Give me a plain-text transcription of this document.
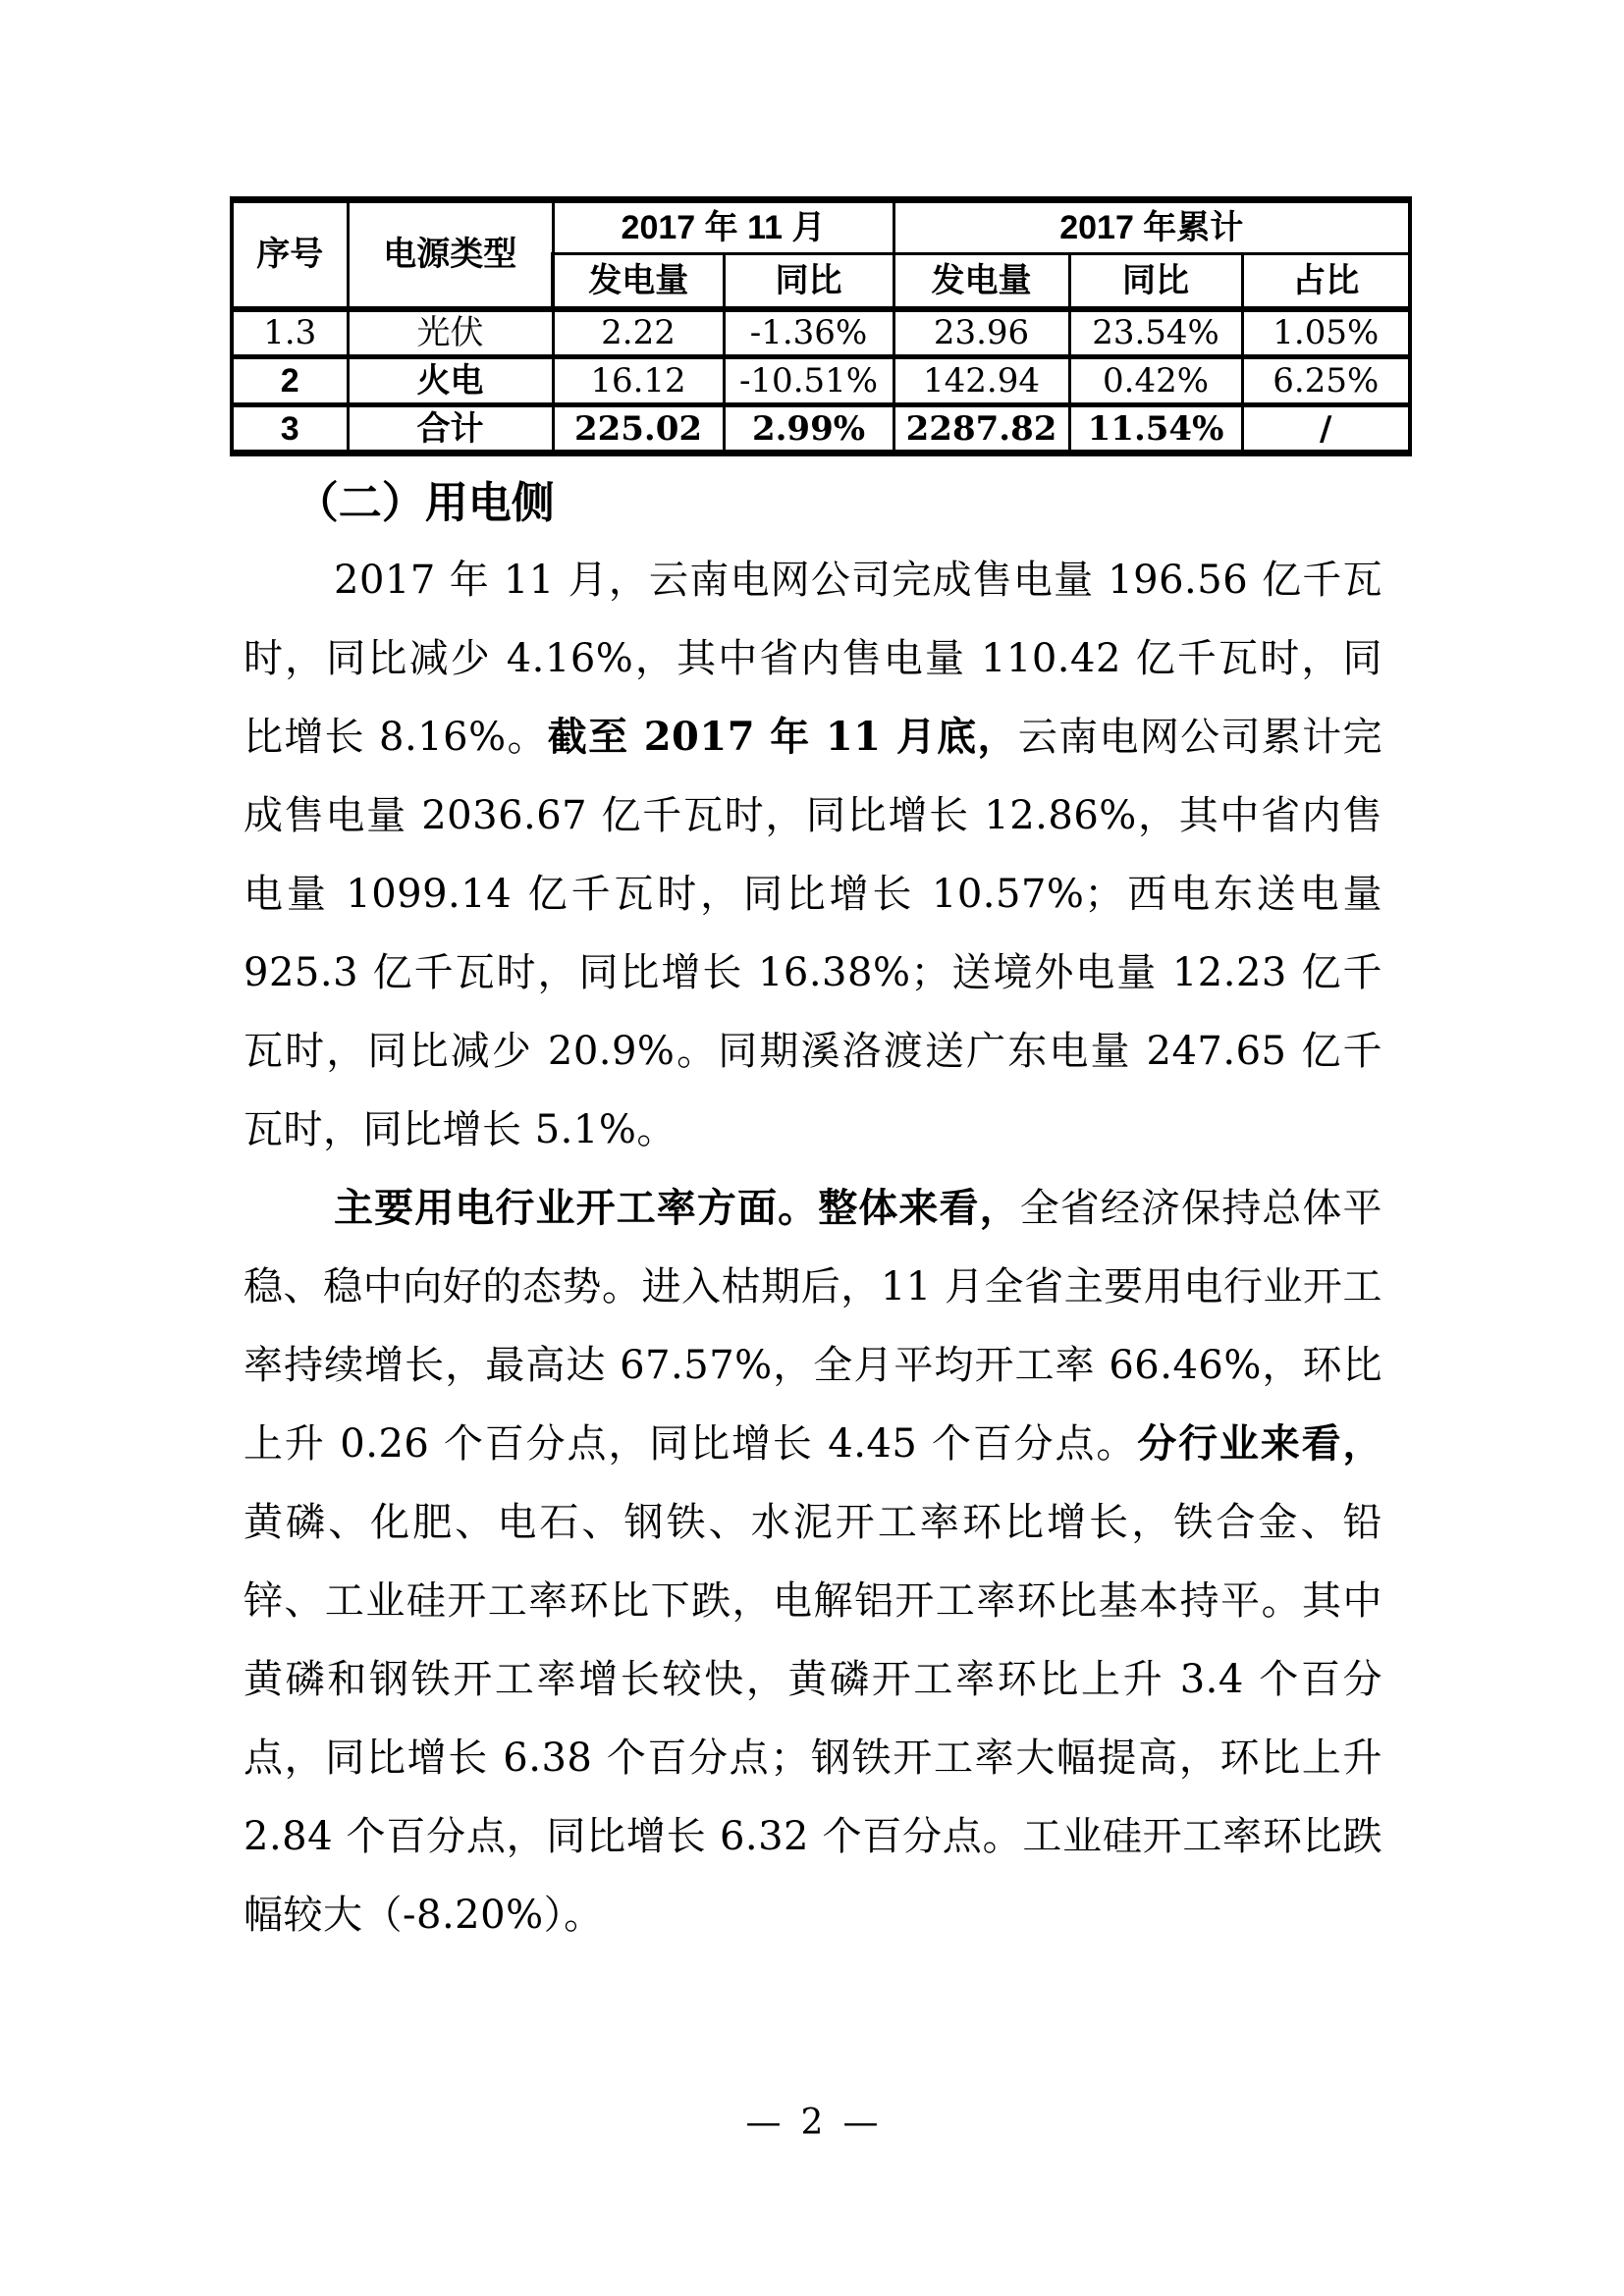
序号	电源类型	2017 年 11 月		2017 年累计		
		发电量	同比	发电量	同比	占比
1.3	光伏	2.22	-1.36%	23.96	23.54%	1.05%
2	火电	16.12	-10.51%	142.94	0.42%	6.25%
3	合计	225.02	2.99%	2287.82	11.54%	/
（二）用电侧

2017 年 11 月，云南电网公司完成售电量 196.56 亿千瓦时，同比减少 4.16%，其中省内售电量 110.42 亿千瓦时，同比增长 8.16%。截至 2017 年 11 月底，云南电网公司累计完成售电量 2036.67 亿千瓦时，同比增长 12.86%，其中省内售电量 1099.14 亿千瓦时，同比增长 10.57%；西电东送电量 925.3 亿千瓦时，同比增长 16.38%；送境外电量 12.23 亿千瓦时，同比减少 20.9%。同期溪洛渡送广东电量 247.65 亿千瓦时，同比增长 5.1%。

主要用电行业开工率方面。整体来看，全省经济保持总体平稳、稳中向好的态势。进入枯期后，11 月全省主要用电行业开工率持续增长，最高达 67.57%，全月平均开工率 66.46%，环比上升 0.26 个百分点，同比增长 4.45 个百分点。分行业来看，黄磷、化肥、电石、钢铁、水泥开工率环比增长，铁合金、铅锌、工业硅开工率环比下跌，电解铝开工率环比基本持平。其中黄磷和钢铁开工率增长较快，黄磷开工率环比上升 3.4 个百分点，同比增长 6.38 个百分点；钢铁开工率大幅提高，环比上升 2.84 个百分点，同比增长 6.32 个百分点。工业硅开工率环比跌幅较大（-8.20%）。

— 2 —
